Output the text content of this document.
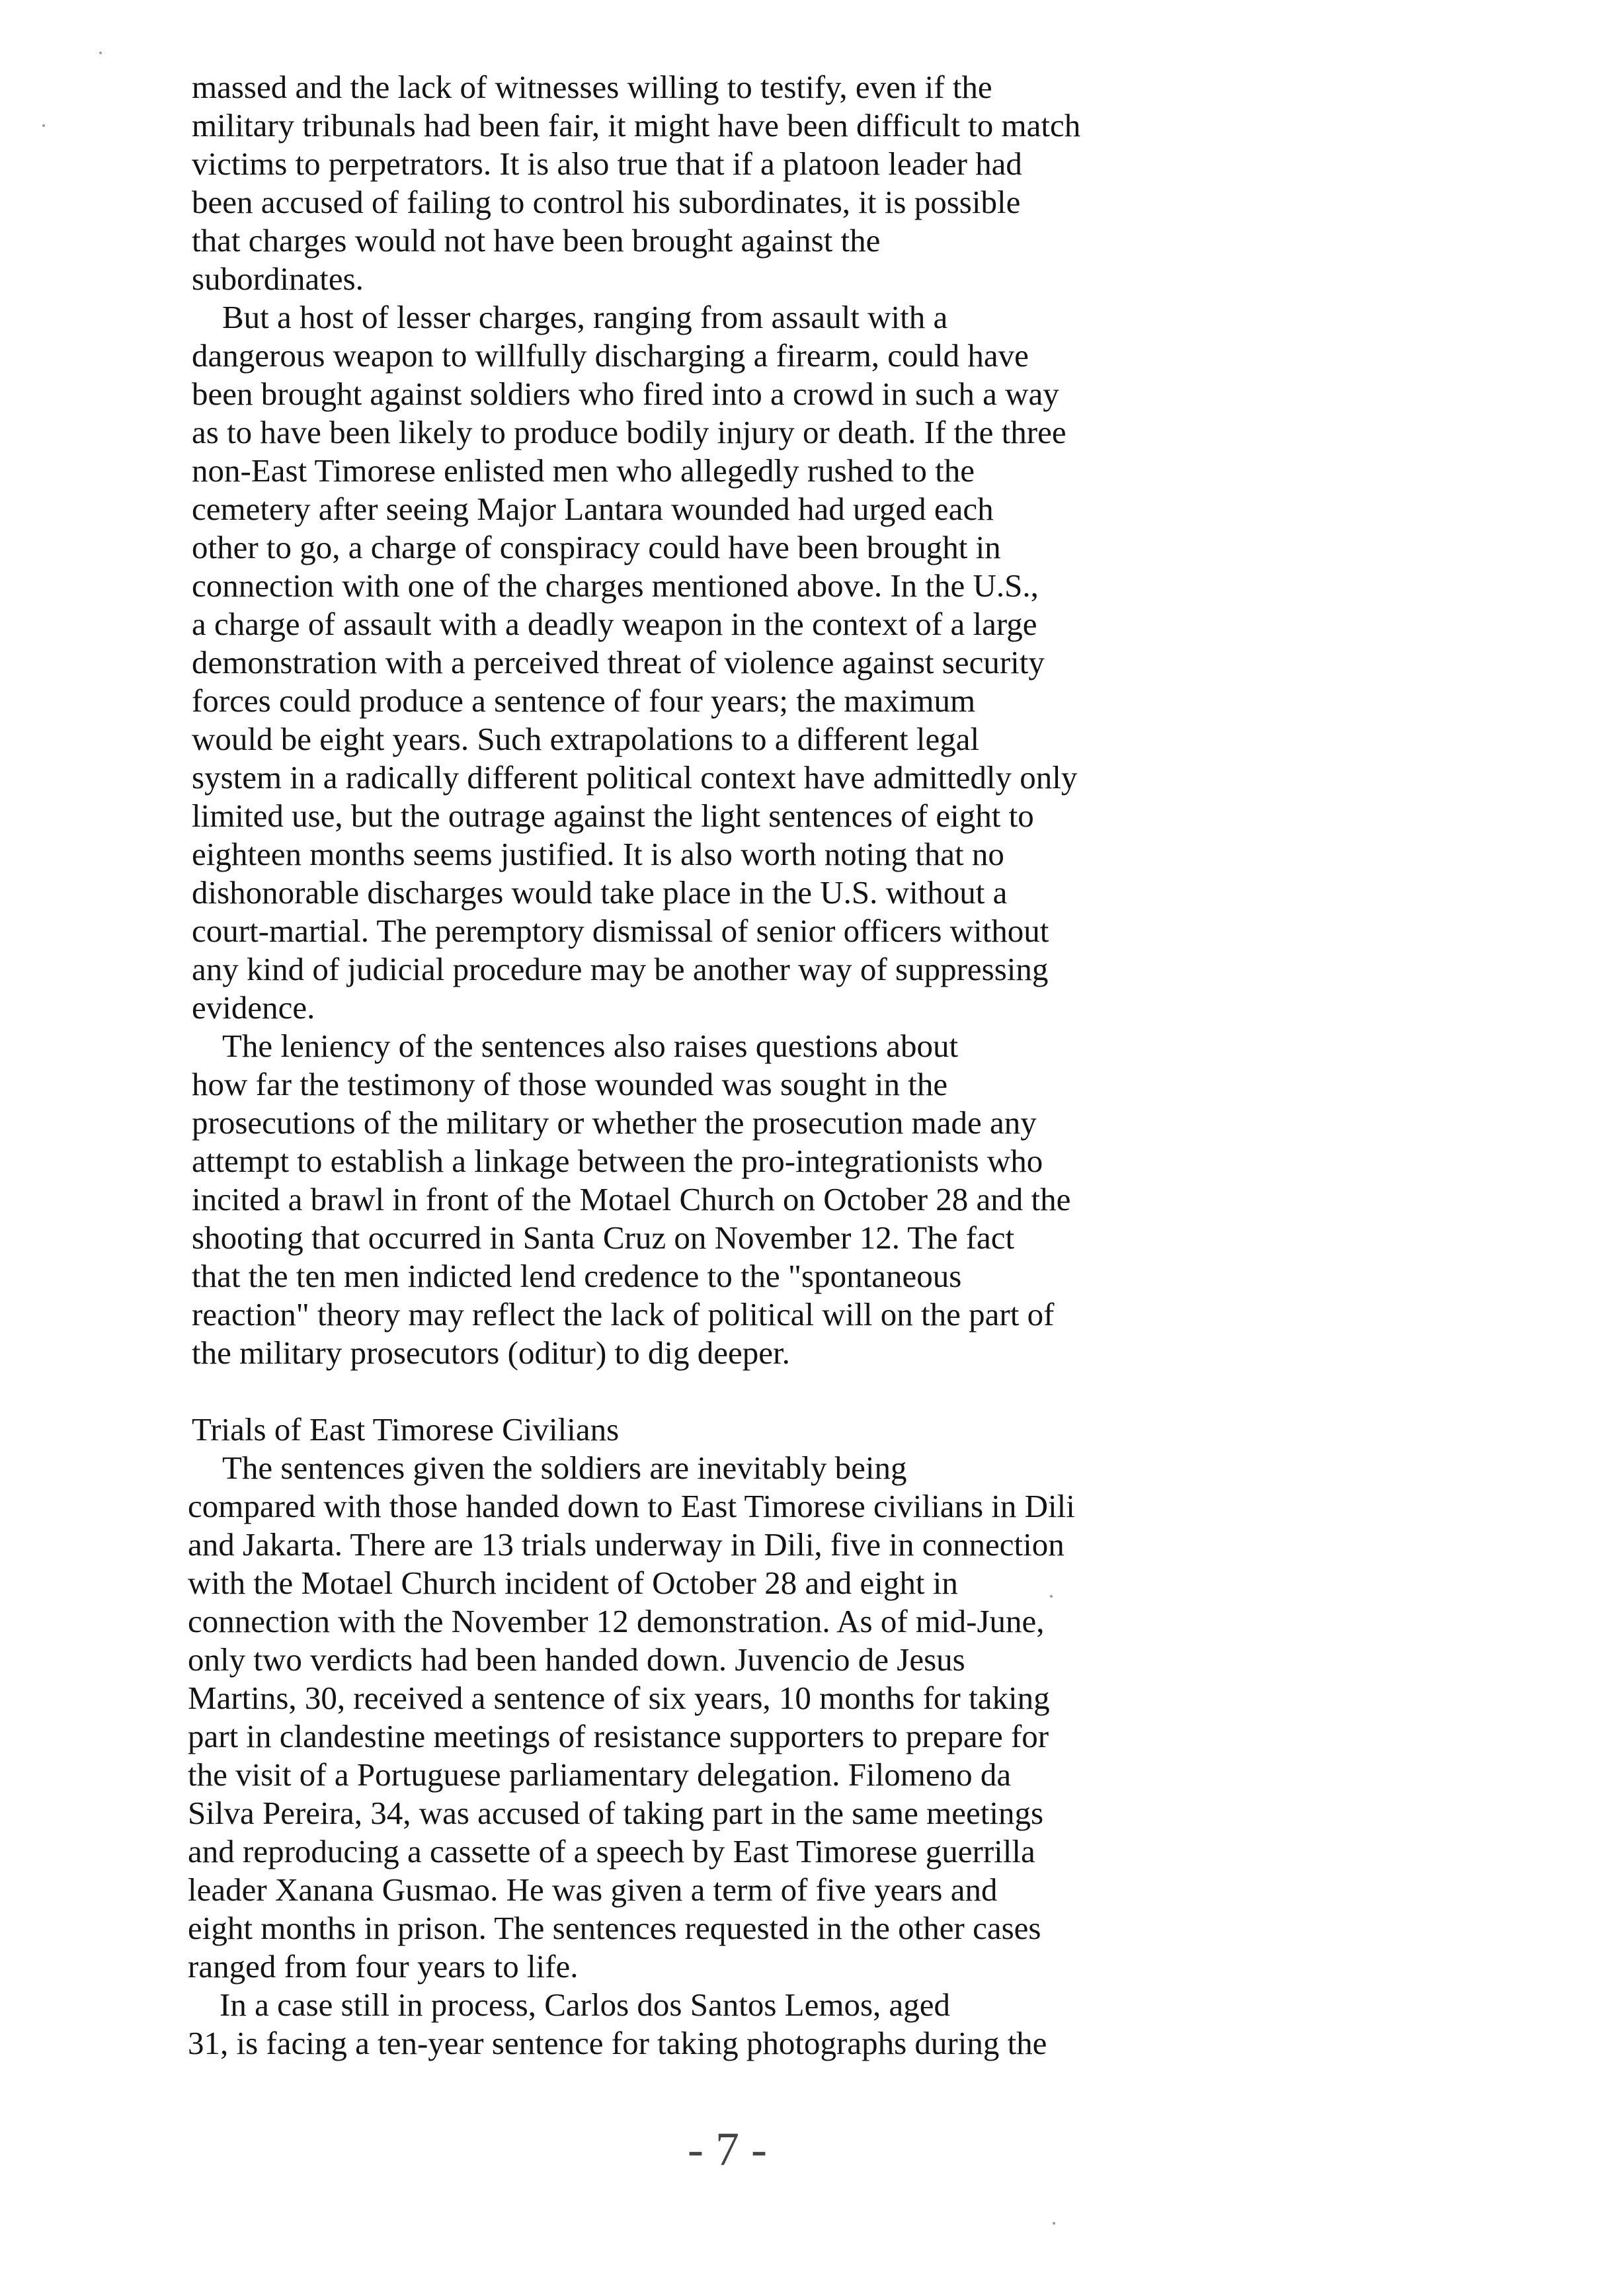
massed and the lack of witnesses willing to testify, even if the
military tribunals had been fair, it might have been difficult to match
victims to perpetrators. It is also true that if a platoon leader had
been accused of failing to control his subordinates, it is possible
that charges would not have been brought against the
subordinates.
But a host of lesser charges, ranging from assault with a
dangerous weapon to willfully discharging a firearm, could have
been brought against soldiers who fired into a crowd in such a way
as to have been likely to produce bodily injury or death. If the three
non-East Timorese enlisted men who allegedly rushed to the
cemetery after seeing Major Lantara wounded had urged each
other to go, a charge of conspiracy could have been brought in
connection with one of the charges mentioned above. In the U.S.,
a charge of assault with a deadly weapon in the context of a large
demonstration with a perceived threat of violence against security
forces could produce a sentence of four years; the maximum
would be eight years. Such extrapolations to a different legal
system in a radically different political context have admittedly only
limited use, but the outrage against the light sentences of eight to
eighteen months seems justified. It is also worth noting that no
dishonorable discharges would take place in the U.S. without a
court-martial. The peremptory dismissal of senior officers without
any kind of judicial procedure may be another way of suppressing
evidence.
The leniency of the sentences also raises questions about
how far the testimony of those wounded was sought in the
prosecutions of the military or whether the prosecution made any
attempt to establish a linkage between the pro-integrationists who
incited a brawl in front of the Motael Church on October 28 and the
shooting that occurred in Santa Cruz on November 12. The fact
that the ten men indicted lend credence to the "spontaneous
reaction" theory may reflect the lack of political will on the part of
the military prosecutors (oditur) to dig deeper.
Trials of East Timorese Civilians
The sentences given the soldiers are inevitably being
compared with those handed down to East Timorese civilians in Dili
and Jakarta. There are 13 trials underway in Dili, five in connection
with the Motael Church incident of October 28 and eight in
connection with the November 12 demonstration. As of mid-June,
only two verdicts had been handed down. Juvencio de Jesus
Martins, 30, received a sentence of six years, 10 months for taking
part in clandestine meetings of resistance supporters to prepare for
the visit of a Portuguese parliamentary delegation. Filomeno da
Silva Pereira, 34, was accused of taking part in the same meetings
and reproducing a cassette of a speech by East Timorese guerrilla
leader Xanana Gusmao. He was given a term of five years and
eight months in prison. The sentences requested in the other cases
ranged from four years to life.
In a case still in process, Carlos dos Santos Lemos, aged
31, is facing a ten-year sentence for taking photographs during the
- 7 -
